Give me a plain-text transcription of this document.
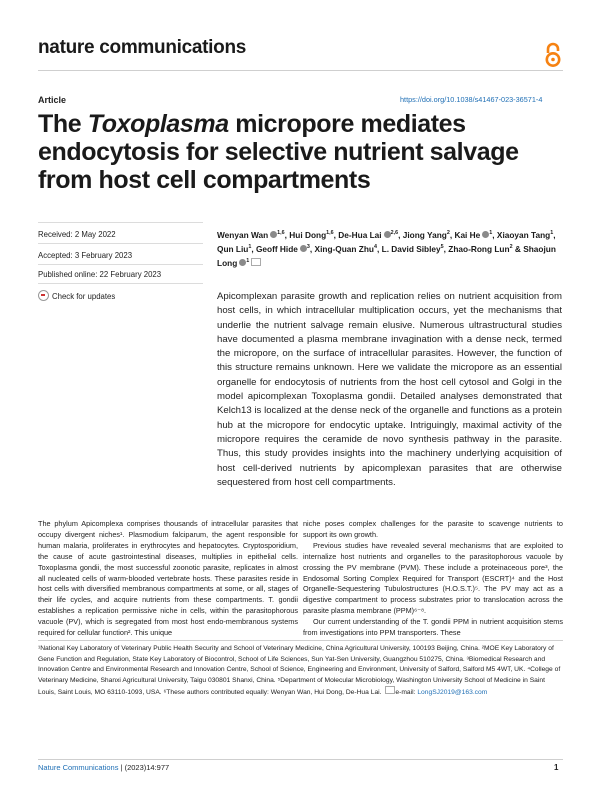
nature communications
Article	https://doi.org/10.1038/s41467-023-36571-4
The Toxoplasma micropore mediates endocytosis for selective nutrient salvage from host cell compartments
Received: 2 May 2022
Accepted: 3 February 2023
Published online: 22 February 2023
Check for updates
Wenyan Wan $^{1,6}$, Hui Dong$^{1,6}$, De-Hua Lai $^{2,6}$, Jiong Yang$^2$, Kai He $^1$, Xiaoyan Tang$^1$, Qun Liu$^1$, Geoff Hide $^3$, Xing-Quan Zhu$^4$, L. David Sibley$^5$, Zhao-Rong Lun$^2$ & Shaojun Long $^1$
Apicomplexan parasite growth and replication relies on nutrient acquisition from host cells, in which intracellular multiplication occurs, yet the mechanisms that underlie the nutrient salvage remain elusive. Numerous ultrastructural studies have documented a plasma membrane invagination with a dense neck, termed the micropore, on the surface of intracellular parasites. However, the function of this structure remains unknown. Here we validate the micropore as an essential organelle for endocytosis of nutrients from the host cell cytosol and Golgi in the model apicomplexan Toxoplasma gondii. Detailed analyses demonstrated that Kelch13 is localized at the dense neck of the organelle and functions as a protein hub at the micropore for endocytic uptake. Intriguingly, maximal activity of the micropore requires the ceramide de novo synthesis pathway in the parasite. Thus, this study provides insights into the machinery underlying acquisition of host cell-derived nutrients by apicomplexan parasites that are otherwise sequestered from host cell compartments.

The phylum Apicomplexa comprises thousands of intracellular parasites that occupy divergent niches¹. Plasmodium falciparum, the agent responsible for human malaria, proliferates in erythrocytes and hepatocytes. Cryptosporidium, the cause of acute gastrointestinal diseases, multiplies in epithelial cells. Toxoplasma gondii, the most successful zoonotic parasite, replicates in almost all nucleated cells of warm-blooded vertebrate hosts. These parasites reside in host cells with diversified membranous compartments at some, or all, stages of their life cycles, and acquire nutrients from these compartments. T. gondii establishes a replication permissive niche in cells, within the parasitophorous vacuole (PV), which is segregated from most host endo-membranous systems required for cellular function². This unique

niche poses complex challenges for the parasite to scavenge nutrients to support its own growth.

Previous studies have revealed several mechanisms that are exploited to internalize host nutrients and organelles to the parasitophorous vacuole by crossing the PV membrane (PVM). These include a proteinaceous pore³, the Endosomal Sorting Complex Required for Transport (ESCRT)⁴ and the Host Organelle-Sequestering Tubulostructures (H.O.S.T.)⁵. The PV may act as a digestive compartment to process substrates prior to translocation across the parasite plasma membrane (PPM)⁶⁻⁸.

Our current understanding of the T. gondii PPM in nutrient acquisition stems from investigations into PPM transporters. These

¹National Key Laboratory of Veterinary Public Health Security and School of Veterinary Medicine, China Agricultural University, 100193 Beijing, China. ²MOE Key Laboratory of Gene Function and Regulation, State Key Laboratory of Biocontrol, School of Life Sciences, Sun Yat-Sen University, Guangzhou 510275, China. ³Biomedical Research and Innovation Centre and Environmental Research and Innovation Centre, School of Science, Engineering and Environment, University of Salford, Salford M5 4WT, UK. ⁴College of Veterinary Medicine, Shanxi Agricultural University, Taigu 030801 Shanxi, China. ⁵Department of Molecular Microbiology, Washington University School of Medicine in Saint Louis, Saint Louis, MO 63110-1093, USA. ⁶These authors contributed equally: Wenyan Wan, Hui Dong, De-Hua Lai. e-mail: LongSJ2019@163.com
Nature Communications | (2023)14:977	1
